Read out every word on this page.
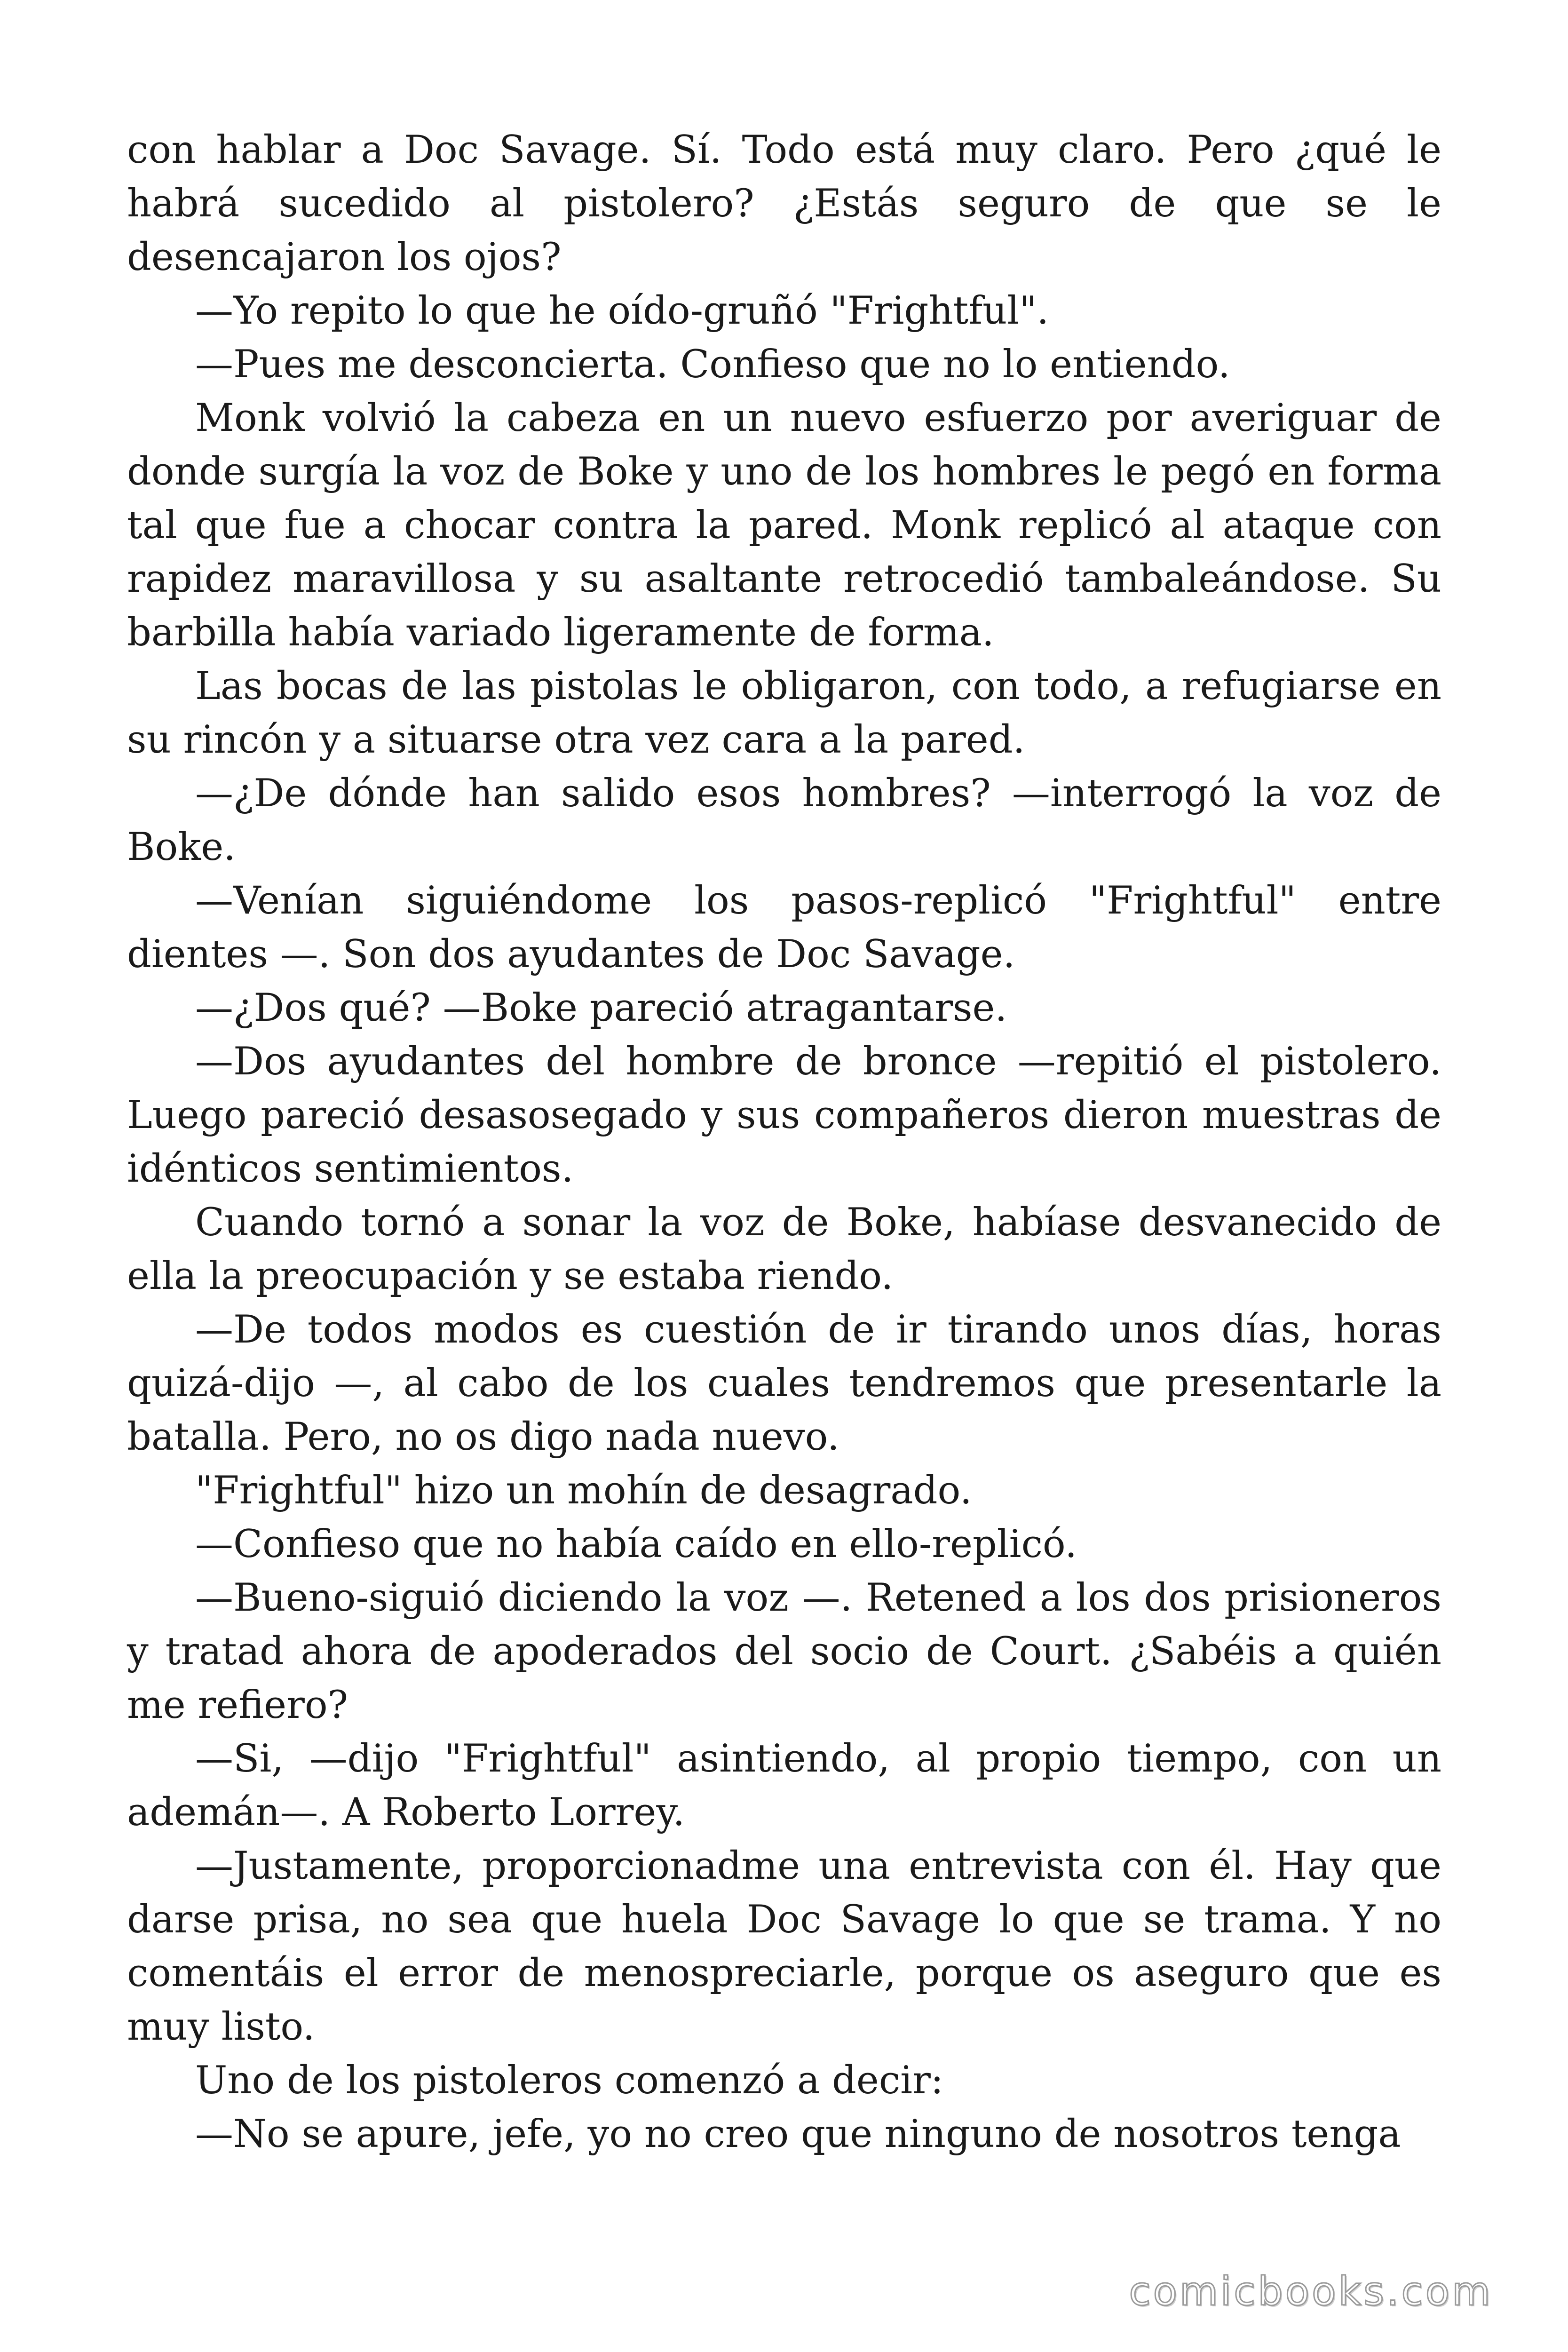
con hablar a Doc Savage. Sí. Todo está muy claro. Pero ¿qué le habrá sucedido al pistolero? ¿Estás seguro de que se le desencajaron los ojos?

—Yo repito lo que he oído-gruñó "Frightful".

—Pues me desconcierta. Confieso que no lo entiendo.

Monk volvió la cabeza en un nuevo esfuerzo por averiguar de donde surgía la voz de Boke y uno de los hombres le pegó en forma tal que fue a chocar contra la pared. Monk replicó al ataque con rapidez maravillosa y su asaltante retrocedió tambaleándose. Su barbilla había variado ligeramente de forma.

Las bocas de las pistolas le obligaron, con todo, a refugiarse en su rincón y a situarse otra vez cara a la pared.

—¿De dónde han salido esos hombres? —interrogó la voz de Boke.

—Venían siguiéndome los pasos-replicó "Frightful" entre dientes —. Son dos ayudantes de Doc Savage.

—¿Dos qué? —Boke pareció atragantarse.

—Dos ayudantes del hombre de bronce —repitió el pistolero. Luego pareció desasosegado y sus compañeros dieron muestras de idénticos sentimientos.

Cuando tornó a sonar la voz de Boke, habíase desvanecido de ella la preocupación y se estaba riendo.

—De todos modos es cuestión de ir tirando unos días, horas quizá-dijo —, al cabo de los cuales tendremos que presentarle la batalla. Pero, no os digo nada nuevo.

"Frightful" hizo un mohín de desagrado.

—Confieso que no había caído en ello-replicó.

—Bueno-siguió diciendo la voz —. Retened a los dos prisioneros y tratad ahora de apoderados del socio de Court. ¿Sabéis a quién me refiero?

—Si, —dijo "Frightful" asintiendo, al propio tiempo, con un ademán—. A Roberto Lorrey.

—Justamente, proporcionadme una entrevista con él. Hay que darse prisa, no sea que huela Doc Savage lo que se trama. Y no comentáis el error de menospreciarle, porque os aseguro que es muy listo.

Uno de los pistoleros comenzó a decir:

—No se apure, jefe, yo no creo que ninguno de nosotros tenga

comicbooks.com
